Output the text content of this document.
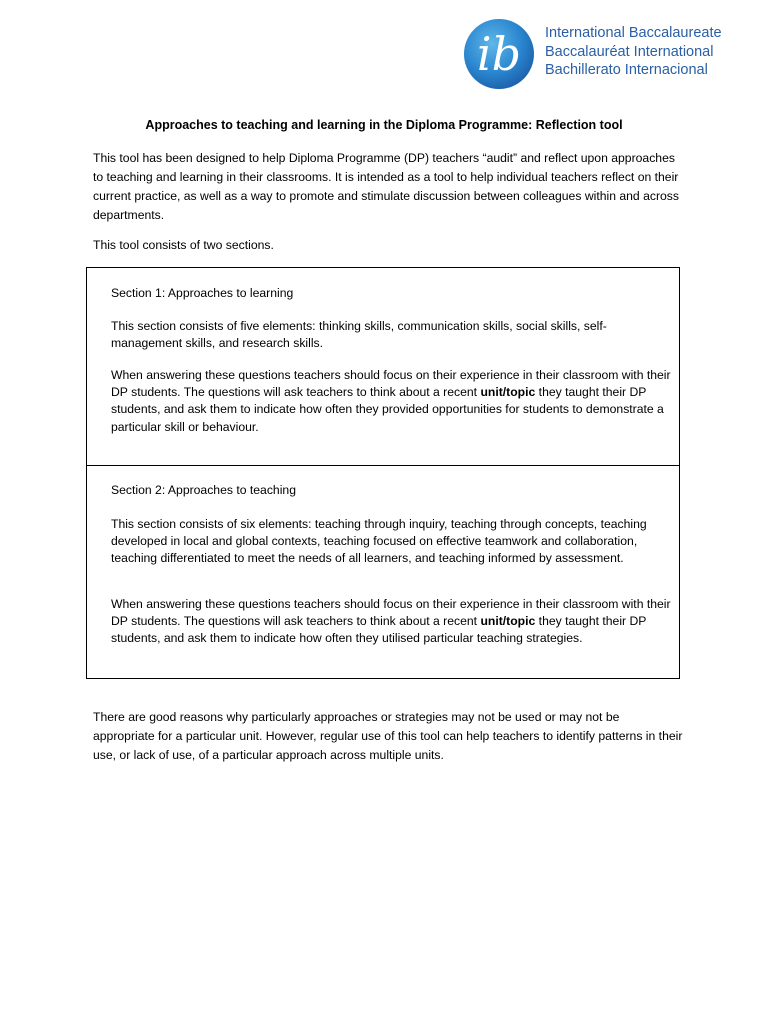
ib International Baccalaureate
Baccalauréat International
Bachillerato Internacional
Approaches to teaching and learning in the Diploma Programme: Reflection tool
This tool has been designed to help Diploma Programme (DP) teachers “audit” and reflect upon approaches to teaching and learning in their classrooms. It is intended as a tool to help individual teachers reflect on their current practice, as well as a way to promote and stimulate discussion between colleagues within and across departments.
This tool consists of two sections.
Section 1: Approaches to learning
This section consists of five elements: thinking skills, communication skills, social skills, self-management skills, and research skills.
When answering these questions teachers should focus on their experience in their classroom with their DP students. The questions will ask teachers to think about a recent unit/topic they taught their DP students, and ask them to indicate how often they provided opportunities for students to demonstrate a particular skill or behaviour.
Section 2: Approaches to teaching
This section consists of six elements: teaching through inquiry, teaching through concepts, teaching developed in local and global contexts, teaching focused on effective teamwork and collaboration, teaching differentiated to meet the needs of all learners, and teaching informed by assessment.
When answering these questions teachers should focus on their experience in their classroom with their DP students. The questions will ask teachers to think about a recent unit/topic they taught their DP students, and ask them to indicate how often they utilised particular teaching strategies.
There are good reasons why particularly approaches or strategies may not be used or may not be appropriate for a particular unit. However, regular use of this tool can help teachers to identify patterns in their use, or lack of use, of a particular approach across multiple units.
